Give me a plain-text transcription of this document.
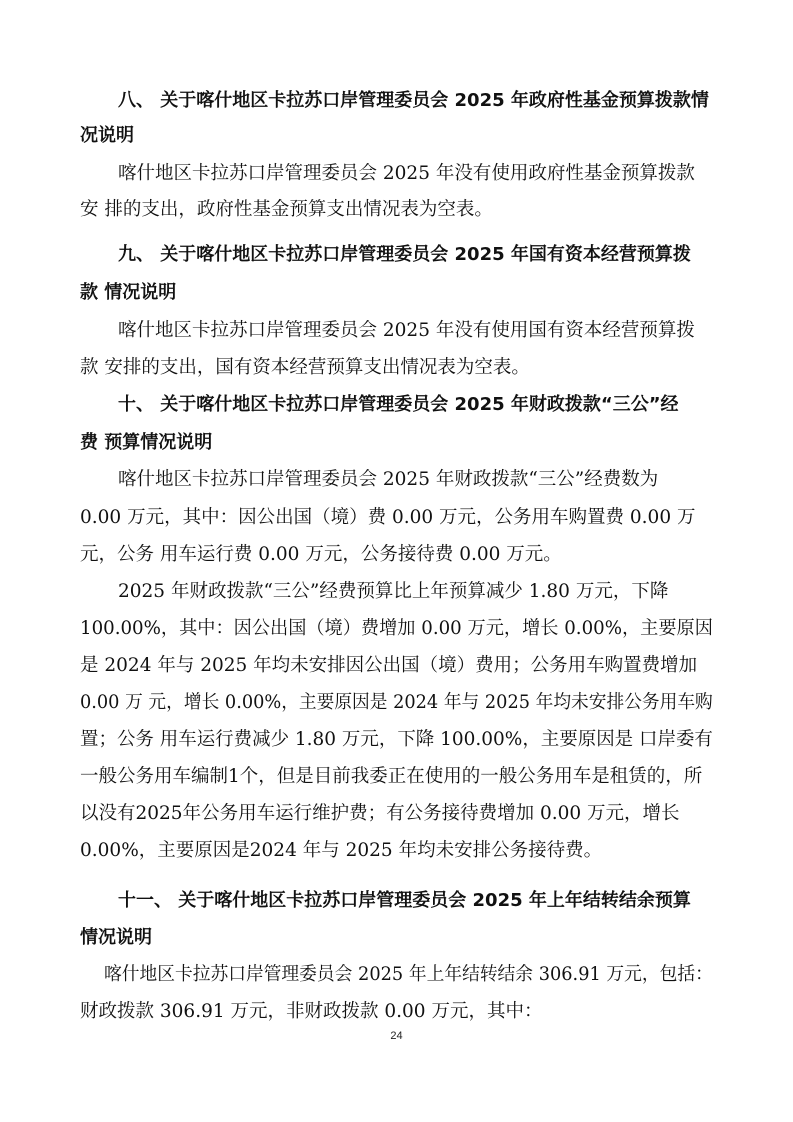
八、 关于喀什地区卡拉苏口岸管理委员会 2025 年政府性基金预算拨款情
况说明
喀什地区卡拉苏口岸管理委员会 2025 年没有使用政府性基金预算拨款
安 排的支出，政府性基金预算支出情况表为空表。
九、 关于喀什地区卡拉苏口岸管理委员会 2025 年国有资本经营预算拨
款 情况说明
喀什地区卡拉苏口岸管理委员会 2025 年没有使用国有资本经营预算拨
款 安排的支出，国有资本经营预算支出情况表为空表。
十、 关于喀什地区卡拉苏口岸管理委员会 2025 年财政拨款“三公”经
费 预算情况说明
喀什地区卡拉苏口岸管理委员会 2025 年财政拨款“三公”经费数为
0.00 万元，其中：因公出国（境）费 0.00 万元，公务用车购置费 0.00 万
元，公务 用车运行费 0.00 万元，公务接待费 0.00 万元。
2025 年财政拨款“三公”经费预算比上年预算减少 1.80 万元，下降
100.00%，其中：因公出国（境）费增加 0.00 万元，增长 0.00%，主要原因
是 2024 年与 2025 年均未安排因公出国（境）费用；公务用车购置费增加
0.00 万 元，增长 0.00%，主要原因是 2024 年与 2025 年均未安排公务用车购
置；公务 用车运行费减少 1.80 万元，下降 100.00%，主要原因是 口岸委有
一般公务用车编制1个，但是目前我委正在使用的一般公务用车是租赁的，所
以没有2025年公务用车运行维护费；有公务接待费增加 0.00 万元，增长
0.00%，主要原因是2024 年与 2025 年均未安排公务接待费。
十一、 关于喀什地区卡拉苏口岸管理委员会 2025 年上年结转结余预算
情况说明
喀什地区卡拉苏口岸管理委员会 2025 年上年结转结余 306.91 万元，包括：
财政拨款 306.91 万元，非财政拨款 0.00 万元，其中：
24
